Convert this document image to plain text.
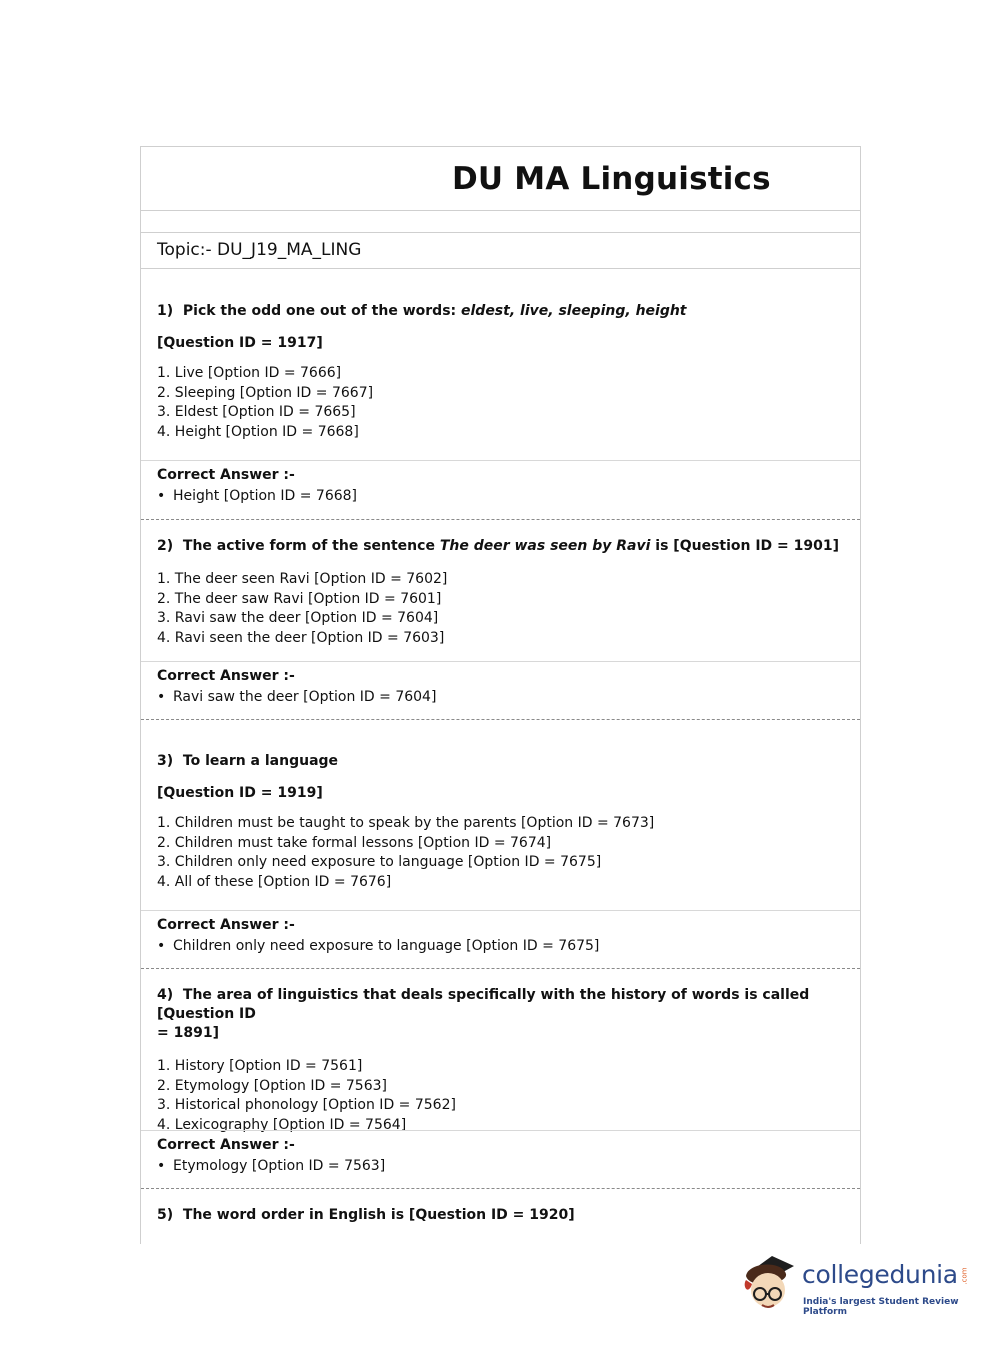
DU MA Linguistics
Topic:- DU_J19_MA_LING
1) Pick the odd one out of the words: eldest, live, sleeping, height
[Question ID = 1917]
1. Live [Option ID = 7666]
2. Sleeping [Option ID = 7667]
3. Eldest [Option ID = 7665]
4. Height [Option ID = 7668]
Correct Answer :-
• Height [Option ID = 7668]
2) The active form of the sentence The deer was seen by Ravi is [Question ID = 1901]
1. The deer seen Ravi [Option ID = 7602]
2. The deer saw Ravi [Option ID = 7601]
3. Ravi saw the deer [Option ID = 7604]
4. Ravi seen the deer [Option ID = 7603]
Correct Answer :-
• Ravi saw the deer [Option ID = 7604]
3) To learn a language
[Question ID = 1919]
1. Children must be taught to speak by the parents [Option ID = 7673]
2. Children must take formal lessons [Option ID = 7674]
3. Children only need exposure to language [Option ID = 7675]
4. All of these [Option ID = 7676]
Correct Answer :-
• Children only need exposure to language [Option ID = 7675]
4) The area of linguistics that deals specifically with the history of words is called [Question ID
= 1891]
1. History [Option ID = 7561]
2. Etymology [Option ID = 7563]
3. Historical phonology [Option ID = 7562]
4. Lexicography [Option ID = 7564]
Correct Answer :-
• Etymology [Option ID = 7563]
5) The word order in English is [Question ID = 1920]
collegedunia .com
India's largest Student Review Platform
